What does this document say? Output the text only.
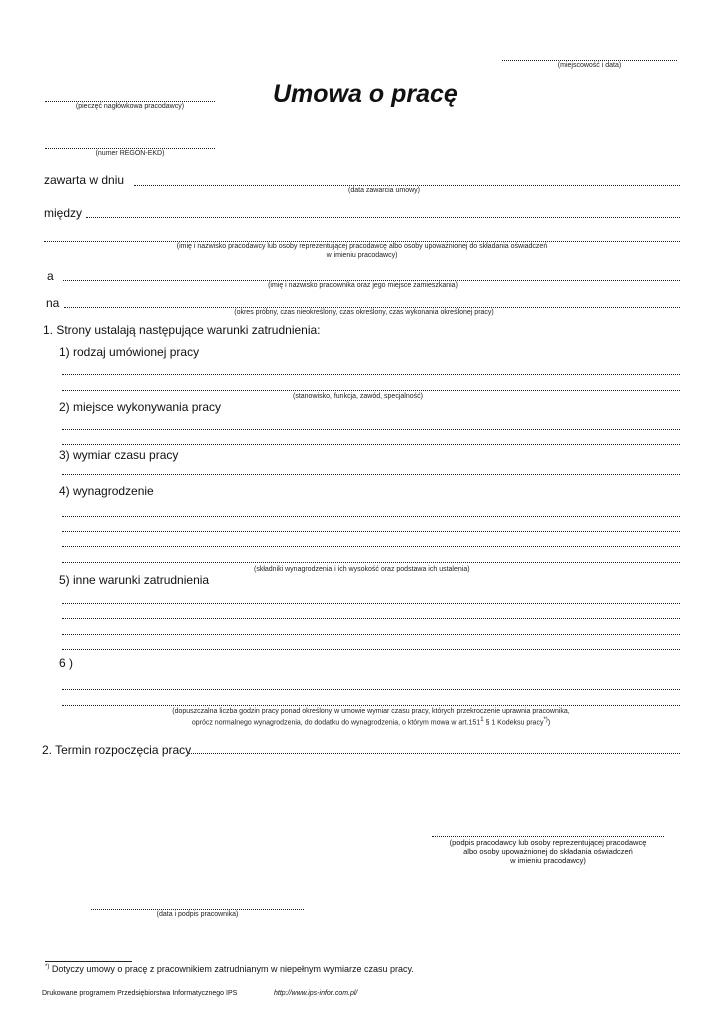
(miejscowość i data)
(pieczęć nagłówkowa pracodawcy)	Umowa o pracę
(numer REGON-EKD)
zawarta w dniu
(data zawarcia umowy)
między
(imię i nazwisko pracodawcy lub osoby reprezentującej pracodawcę albo osoby upoważnionej do składania oświadczeń
w imieniu pracodawcy)
a
(imię i nazwisko pracownika oraz jego miejsce zamieszkania)
na
(okres próbny, czas nieokreślony, czas określony, czas wykonania określonej pracy)
1. Strony ustalają następujące warunki zatrudnienia:
1) rodzaj umówionej pracy
(stanowisko, funkcja, zawód, specjalność)
2) miejsce wykonywania pracy
3) wymiar czasu pracy
4) wynagrodzenie
(składniki wynagrodzenia i ich wysokość oraz podstawa ich ustalenia)
5) inne warunki zatrudnienia
6 )
(dopuszczalna liczba godzin pracy ponad określony w umowie wymiar czasu pracy, których przekroczenie uprawnia pracownika,
oprócz normalnego wynagrodzenia, do dodatku do wynagrodzenia, o którym mowa w art.151$^1$ § 1 Kodeksu pracy*))
2. Termin rozpoczęcia pracy
(podpis pracodawcy lub osoby reprezentującej pracodawcę
albo osoby upoważnionej do składania oświadczeń
w imieniu pracodawcy)
(data i podpis pracownika)
*) Dotyczy umowy o pracę z pracownikiem zatrudnianym w niepełnym wymiarze czasu pracy.
Drukowane programem Przedsiębiorstwa Informatycznego IPS	http://www.ips-infor.com.pl/
